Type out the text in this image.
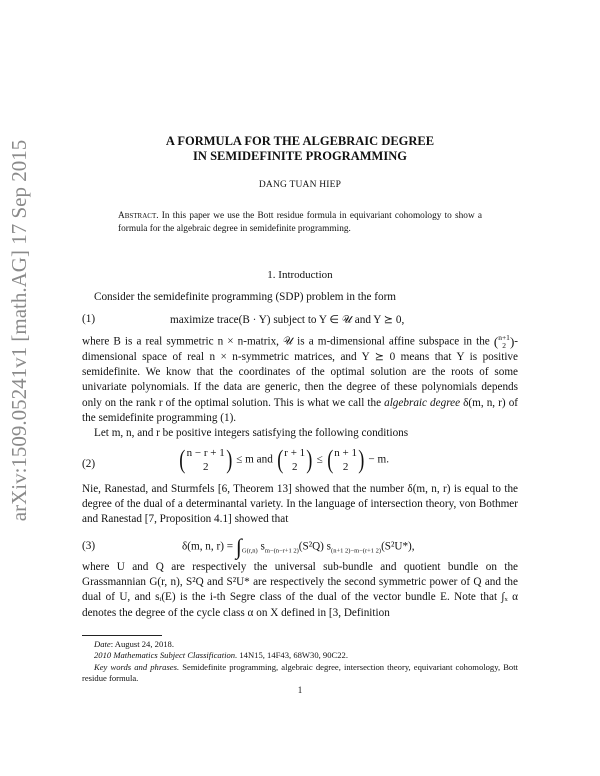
arXiv:1509.05241v1 [math.AG] 17 Sep 2015	A FORMULA FOR THE ALGEBRAIC DEGREE
IN SEMIDEFINITE PROGRAMMING
DANG TUAN HIEP
Abstract. In this paper we use the Bott residue formula in equivariant cohomology to show a formula for the algebraic degree in semidefinite programming.
1. Introduction
Consider the semidefinite programming (SDP) problem in the form
(1)	maximize trace(B · Y) subject to Y ∈ 𝒰 and Y ⪰ 0,
where B is a real symmetric n × n-matrix, 𝒰 is a m-dimensional affine subspace in the ( n+1
2 ) -dimensional space of real n × n-symmetric matrices, and Y ⪰ 0 means that Y is positive semidefinite. We know that the coordinates of the optimal solution are the roots of some univariate polynomials. If the data are generic, then the degree of these polynomials depends only on the rank r of the optimal solution. This is what we call the algebraic degree δ(m, n, r) of the semidefinite programming (1).
Let m, n, and r be positive integers satisfying the following conditions
(2)	( n − r + 1
2 ) ≤ m and ( r + 1
2 ) ≤ ( n + 1
2 ) − m.
Nie, Ranestad, and Sturmfels [6, Theorem 13] showed that the number δ(m, n, r) is equal to the degree of the dual of a determinantal variety. In the language of intersection theory, von Bothmer and Ranestad [7, Proposition 4.1] showed that
(3)	δ(m, n, $r) = \int_{G(r,n)}$ $s_{m-(n-r+1 2)}(S^2Q)$ $s_{(n+1 2)-m-(r+1 2)}(S^2U*)$,
where U and Q are respectively the universal sub-bundle and quotient bundle on the Grassmannian G(r, n), S²Q and S²U* are respectively the second symmetric power of Q and the dual of U, and sᵢ(E) is the i-th Segre class of the dual of the vector bundle E. Note that ∫ₓ α denotes the degree of the cycle class α on X defined in [3, Definition
Date: August 24, 2018.
2010 Mathematics Subject Classification. 14N15, 14F43, 68W30, 90C22.
Key words and phrases. Semidefinite programming, algebraic degree, intersection theory, equivariant cohomology, Bott residue formula.
1
